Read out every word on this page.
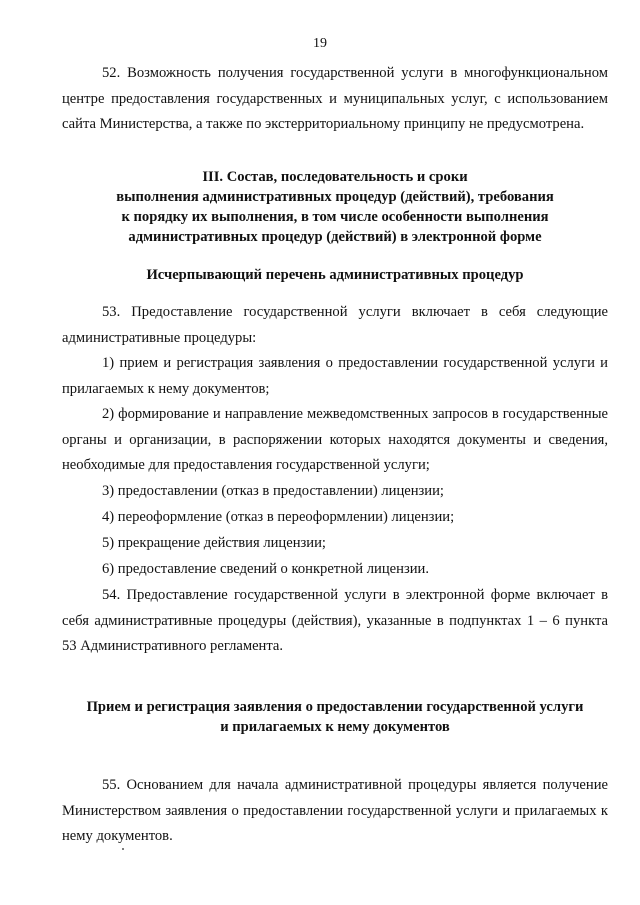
19

52. Возможность получения государственной услуги в многофункциональном центре предоставления государственных и муниципальных услуг, с использованием сайта Министерства, а также по экстерриториальному принципу не предусмотрена.

III. Состав, последовательность и сроки
выполнения административных процедур (действий), требования
к порядку их выполнения, в том числе особенности выполнения
административных процедур (действий) в электронной форме
Исчерпывающий перечень административных процедур

53. Предоставление государственной услуги включает в себя следующие административные процедуры:

1) прием и регистрация заявления о предоставлении государственной услуги и прилагаемых к нему документов;

2) формирование и направление межведомственных запросов в государственные органы и организации, в распоряжении которых находятся документы и сведения, необходимые для предоставления государственной услуги;

3) предоставлении (отказ в предоставлении) лицензии;

4) переоформление (отказ в переоформлении) лицензии;

5) прекращение действия лицензии;

6) предоставление сведений о конкретной лицензии.

54. Предоставление государственной услуги в электронной форме включает в себя административные процедуры (действия), указанные в подпунктах 1 – 6 пункта 53 Административного регламента.

Прием и регистрация заявления о предоставлении государственной услуги
и прилагаемых к нему документов

55. Основанием для начала административной процедуры является получение Министерством заявления о предоставлении государственной услуги и прилагаемых к нему документов.
